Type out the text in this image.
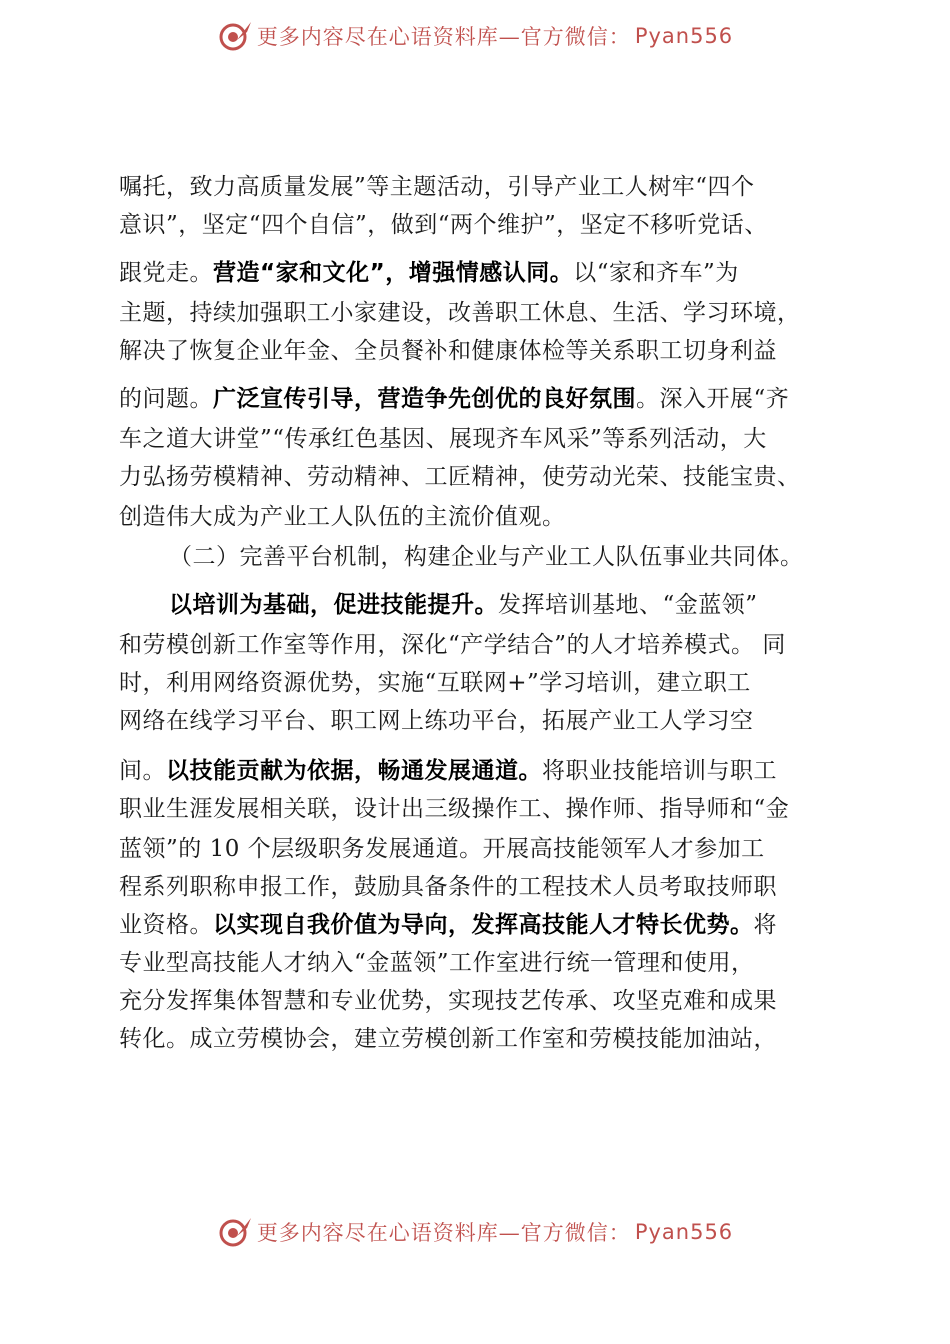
更多内容尽在心语资料库—官方微信： Pyan556
嘱托，致力高质量发展”等主题活动，引导产业工人树牢“四个
意识”，坚定“四个自信”，做到“两个维护”，坚定不移听党话、
跟党走。营造“家和文化”，增强情感认同。以“家和齐车”为
主题，持续加强职工小家建设，改善职工休息、生活、学习环境，
解决了恢复企业年金、全员餐补和健康体检等关系职工切身利益
的问题。广泛宣传引导，营造争先创优的良好氛围。深入开展“齐
车之道大讲堂”“传承红色基因、展现齐车风采”等系列活动，大
力弘扬劳模精神、劳动精神、工匠精神，使劳动光荣、技能宝贵、
创造伟大成为产业工人队伍的主流价值观。
（二）完善平台机制，构建企业与产业工人队伍事业共同体。
以培训为基础，促进技能提升。发挥培训基地、“金蓝领”
和劳模创新工作室等作用，深化“产学结合”的人才培养模式。 同
时，利用网络资源优势，实施“互联网+”学习培训，建立职工
网络在线学习平台、职工网上练功平台，拓展产业工人学习空
间。以技能贡献为依据，畅通发展通道。将职业技能培训与职工
职业生涯发展相关联，设计出三级操作工、操作师、指导师和“金
蓝领”的 10 个层级职务发展通道。开展高技能领军人才参加工
程系列职称申报工作，鼓励具备条件的工程技术人员考取技师职
业资格。以实现自我价值为导向，发挥高技能人才特长优势。将
专业型高技能人才纳入“金蓝领”工作室进行统一管理和使用，
充分发挥集体智慧和专业优势，实现技艺传承、攻坚克难和成果
转化。成立劳模协会，建立劳模创新工作室和劳模技能加油站，
更多内容尽在心语资料库—官方微信： Pyan556
